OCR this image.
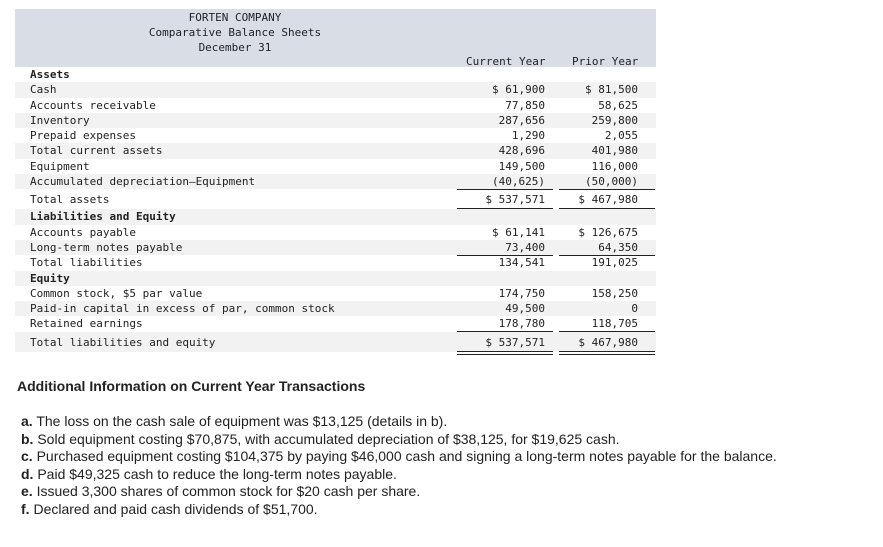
FORTEN COMPANY
Comparative Balance Sheets
December 31
Current Year Prior Year
Assets
Cash	$ 61,900	$ 81,500
Accounts receivable	77,850	58,625
Inventory	287,656	259,800
Prepaid expenses	1,290	2,055
Total current assets	428,696	401,980
Equipment	149,500	116,000
Accumulated depreciation—Equipment	(40,625)	(50,000)
Total assets	$ 537,571	$ 467,980
Liabilities and Equity
Accounts payable	$ 61,141	$ 126,675
Long-term notes payable	73,400	64,350
Total liabilities	134,541	191,025
Equity
Common stock, $5 par value	174,750	158,250
Paid-in capital in excess of par, common stock	49,500	0
Retained earnings	178,780	118,705
Total liabilities and equity	$ 537,571	$ 467,980
Additional Information on Current Year Transactions
a. The loss on the cash sale of equipment was $13,125 (details in b).
b. Sold equipment costing $70,875, with accumulated depreciation of $38,125, for $19,625 cash.
c. Purchased equipment costing $104,375 by paying $46,000 cash and signing a long-term notes payable for the balance.
d. Paid $49,325 cash to reduce the long-term notes payable.
e. Issued 3,300 shares of common stock for $20 cash per share.
f. Declared and paid cash dividends of $51,700.
